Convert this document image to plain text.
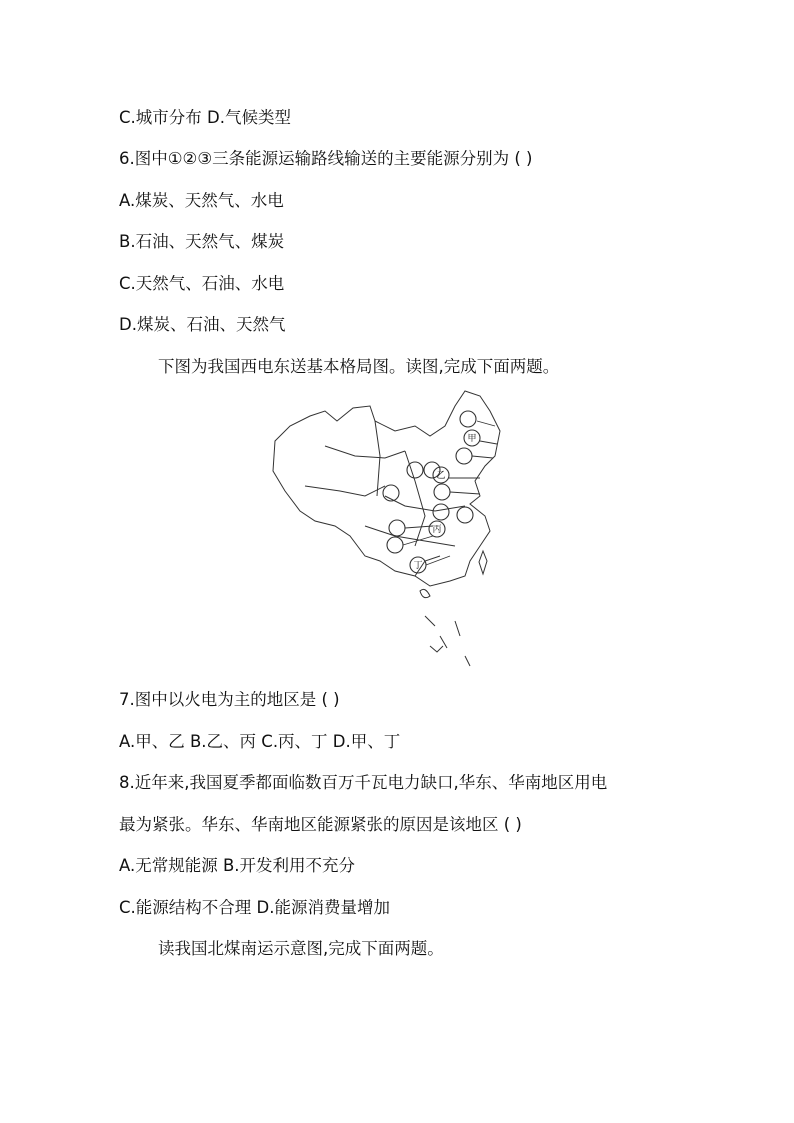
C.城市分布 D.气候类型
6.图中①②③三条能源运输路线输送的主要能源分别为 ( )
A.煤炭、天然气、水电
B.石油、天然气、煤炭
C.天然气、石油、水电
D.煤炭、石油、天然气
下图为我国西电东送基本格局图。读图,完成下面两题。
甲
乙
丙
丁
7.图中以火电为主的地区是 ( )
A.甲、乙 B.乙、丙 C.丙、丁 D.甲、丁
8.近年来,我国夏季都面临数百万千瓦电力缺口,华东、华南地区用电
最为紧张。华东、华南地区能源紧张的原因是该地区 ( )
A.无常规能源 B.开发利用不充分
C.能源结构不合理 D.能源消费量增加
读我国北煤南运示意图,完成下面两题。
